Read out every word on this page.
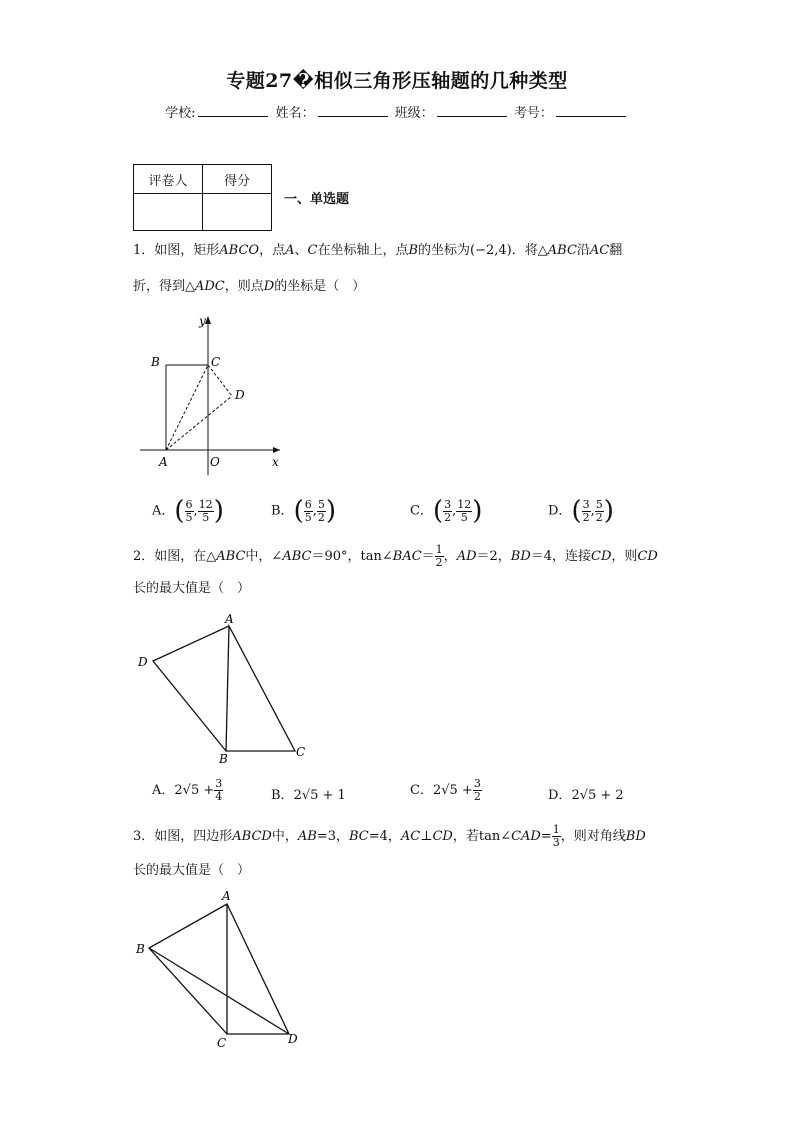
专题27�相似三角形压轴题的几种类型
学校:	姓名：	班级：	考号：
评卷人	得分

一、单选题
1．如图，矩形ABCO，点A、C在坐标轴上，点B的坐标为(−2,4)．将△ABC沿AC翻
折，得到△ADC，则点D的坐标是（　）
y
x
B	C
D
A	O
A．( $\frac{6}{5}$ , $\frac{12}{5}$ )	B．( $\frac{6}{5}$ , $\frac{5}{2}$ )	C．( $\frac{3}{2}$ , $\frac{12}{5}$ )	D．( $\frac{3}{2}$ , $\frac{5}{2}$ )
2．如图，在△ABC中，∠ABC＝90°，tan∠BAC＝ $\frac{1}{2}$ ，AD＝2，BD＝4，连接CD，则CD
长的最大值是（　）
A
D
B	C
A．$2√5 + \frac{3}{4}$	B．2√5 + 1	C．$2√5 + \frac{3}{2}$	D．2√5 + 2
3．如图，四边形ABCD中，AB=3，BC=4，AC⊥CD，若tan∠CAD= $\frac{1}{3}$ ，则对角线BD
长的最大值是（　）
A
B
C	D
